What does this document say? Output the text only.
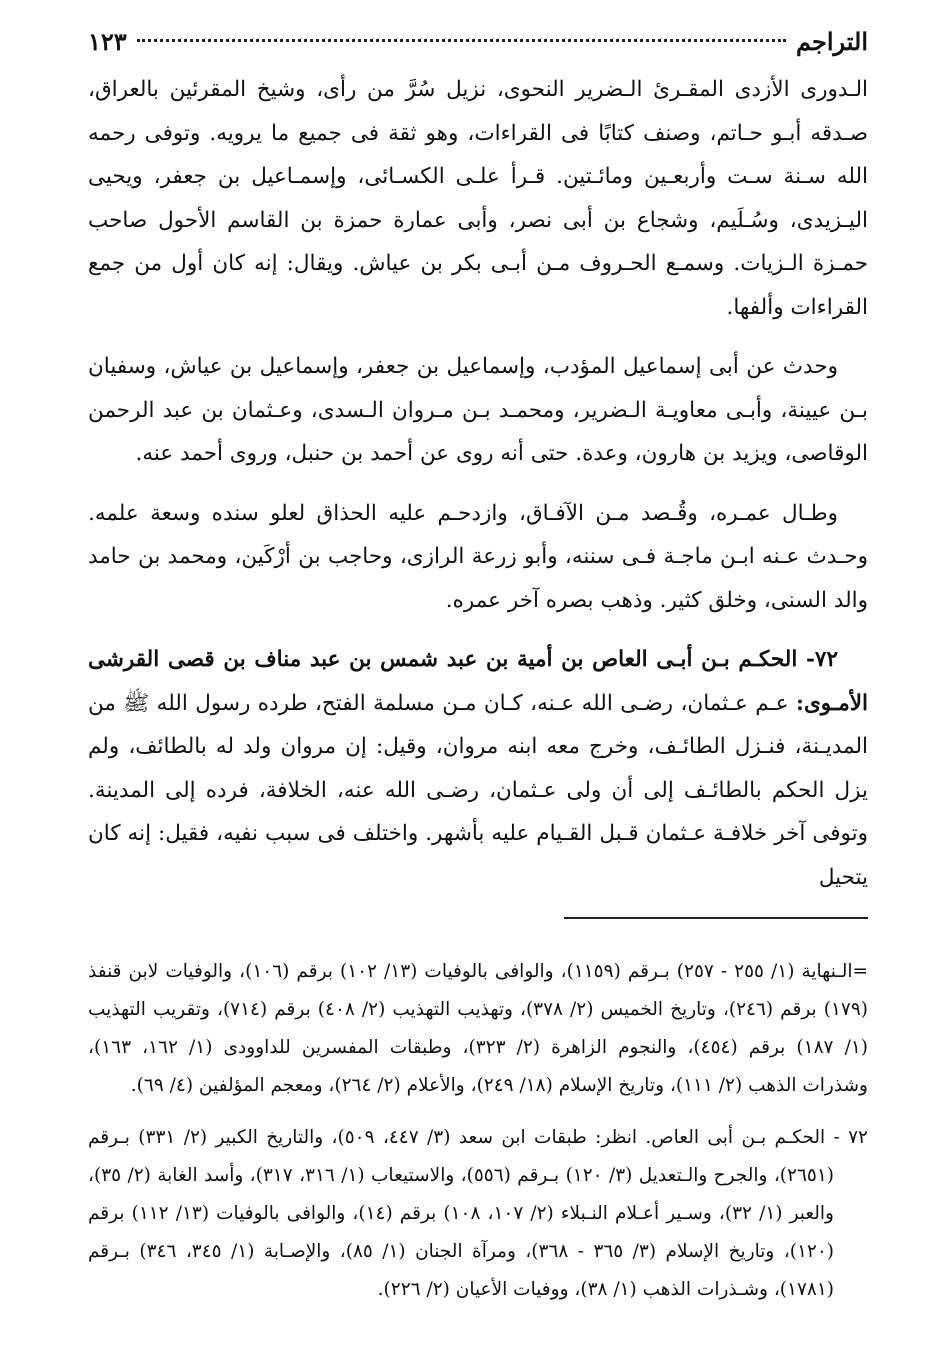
التراجم
١٢٣

الـدورى الأزدى المقـرئ الـضرير النحوى، نزيل سُرَّ من رأى، وشيخ المقرئين بالعراق، صـدقه أبـو حـاتم، وصنف كتابًا فى القراءات، وهو ثقة فى جميع ما يرويه. وتوفى رحمه الله سـنة سـت وأربعـين ومائـتين. قـرأ علـى الكسـائى، وإسمـاعيل بن جعفر، ويحيى اليـزيدى، وسُـلَيم، وشجاع بن أبى نصر، وأبى عمارة حمزة بن القاسم الأحول صاحب حمـزة الـزيات. وسمـع الحـروف مـن أبـى بكر بن عياش. ويقال: إنه كان أول من جمع القراءات وألفها.

وحدث عن أبى إسماعيل المؤدب، وإسماعيل بن جعفر، وإسماعيل بن عياش، وسفيان بـن عيينة، وأبـى معاويـة الـضرير، ومحمـد بـن مـروان الـسدى، وعـثمان بن عبد الرحمن الوقاصى، ويزيد بن هارون، وعدة. حتى أنه روى عن أحمد بن حنبل، وروى أحمد عنه.

وطـال عمـره، وقُـصد مـن الآفـاق، وازدحـم عليه الحذاق لعلو سنده وسعة علمه. وحـدث عـنه ابـن ماجـة فـى سننه، وأبو زرعة الرازى، وحاجب بن أرْكَين، ومحمد بن حامد والد السنى، وخلق كثير. وذهب بصره آخر عمره.

٧٢- الحكـم بـن أبـى العاص بن أمية بن عبد شمس بن عبد مناف بن قصى القرشى الأمـوى: عـم عـثمان، رضـى الله عـنه، كـان مـن مسلمة الفتح، طرده رسول الله ﷺ من المديـنة، فنـزل الطائـف، وخرج معه ابنه مروان، وقيل: إن مروان ولد له بالطائف، ولم يزل الحكم بالطائـف إلى أن ولى عـثمان، رضـى الله عنه، الخلافة، فرده إلى المدينة. وتوفى آخر خلافـة عـثمان قـبل القـيام عليه بأشهر. واختلف فى سبب نفيه، فقيل: إنه كان يتحيل

=الـنهاية (١/ ٢٥٥ - ٢٥٧) بـرقم (١١٥٩)، والوافى بالوفيات (١٣/ ١٠٢) برقم (١٠٦)، والوفيات لابن قنفذ (١٧٩) برقم (٢٤٦)، وتاريخ الخميس (٢/ ٣٧٨)، وتهذيب التهذيب (٢/ ٤٠٨) برقم (٧١٤)، وتقريب التهذيب (١/ ١٨٧) برقم (٤٥٤)، والنجوم الزاهرة (٢/ ٣٢٣)، وطبقات المفسرين للداوودى (١/ ١٦٢، ١٦٣)، وشذرات الذهب (٢/ ١١١)، وتاريخ الإسلام (١٨/ ٢٤٩)، والأعلام (٢/ ٢٦٤)، ومعجم المؤلفين (٤/ ٦٩).

٧٢ - الحكـم بـن أبى العاص. انظر: طبقات ابن سعد (٣/ ٤٤٧، ٥٠٩)، والتاريخ الكبير (٢/ ٣٣١) بـرقم (٢٦٥١)، والجرح والـتعديل (٣/ ١٢٠) بـرقم (٥٥٦)، والاستيعاب (١/ ٣١٦، ٣١٧)، وأسد الغابة (٢/ ٣٥)، والعبر (١/ ٣٢)، وسـير أعـلام النـبلاء (٢/ ١٠٧، ١٠٨) برقم (١٤)، والوافى بالوفيات (١٣/ ١١٢) برقم (١٢٠)، وتاريخ الإسلام (٣/ ٣٦٥ - ٣٦٨)، ومرآة الجنان (١/ ٨٥)، والإصـابة (١/ ٣٤٥، ٣٤٦) بـرقم (١٧٨١)، وشـذرات الذهب (١/ ٣٨)، ووفيات الأعيان (٢/ ٢٢٦).
